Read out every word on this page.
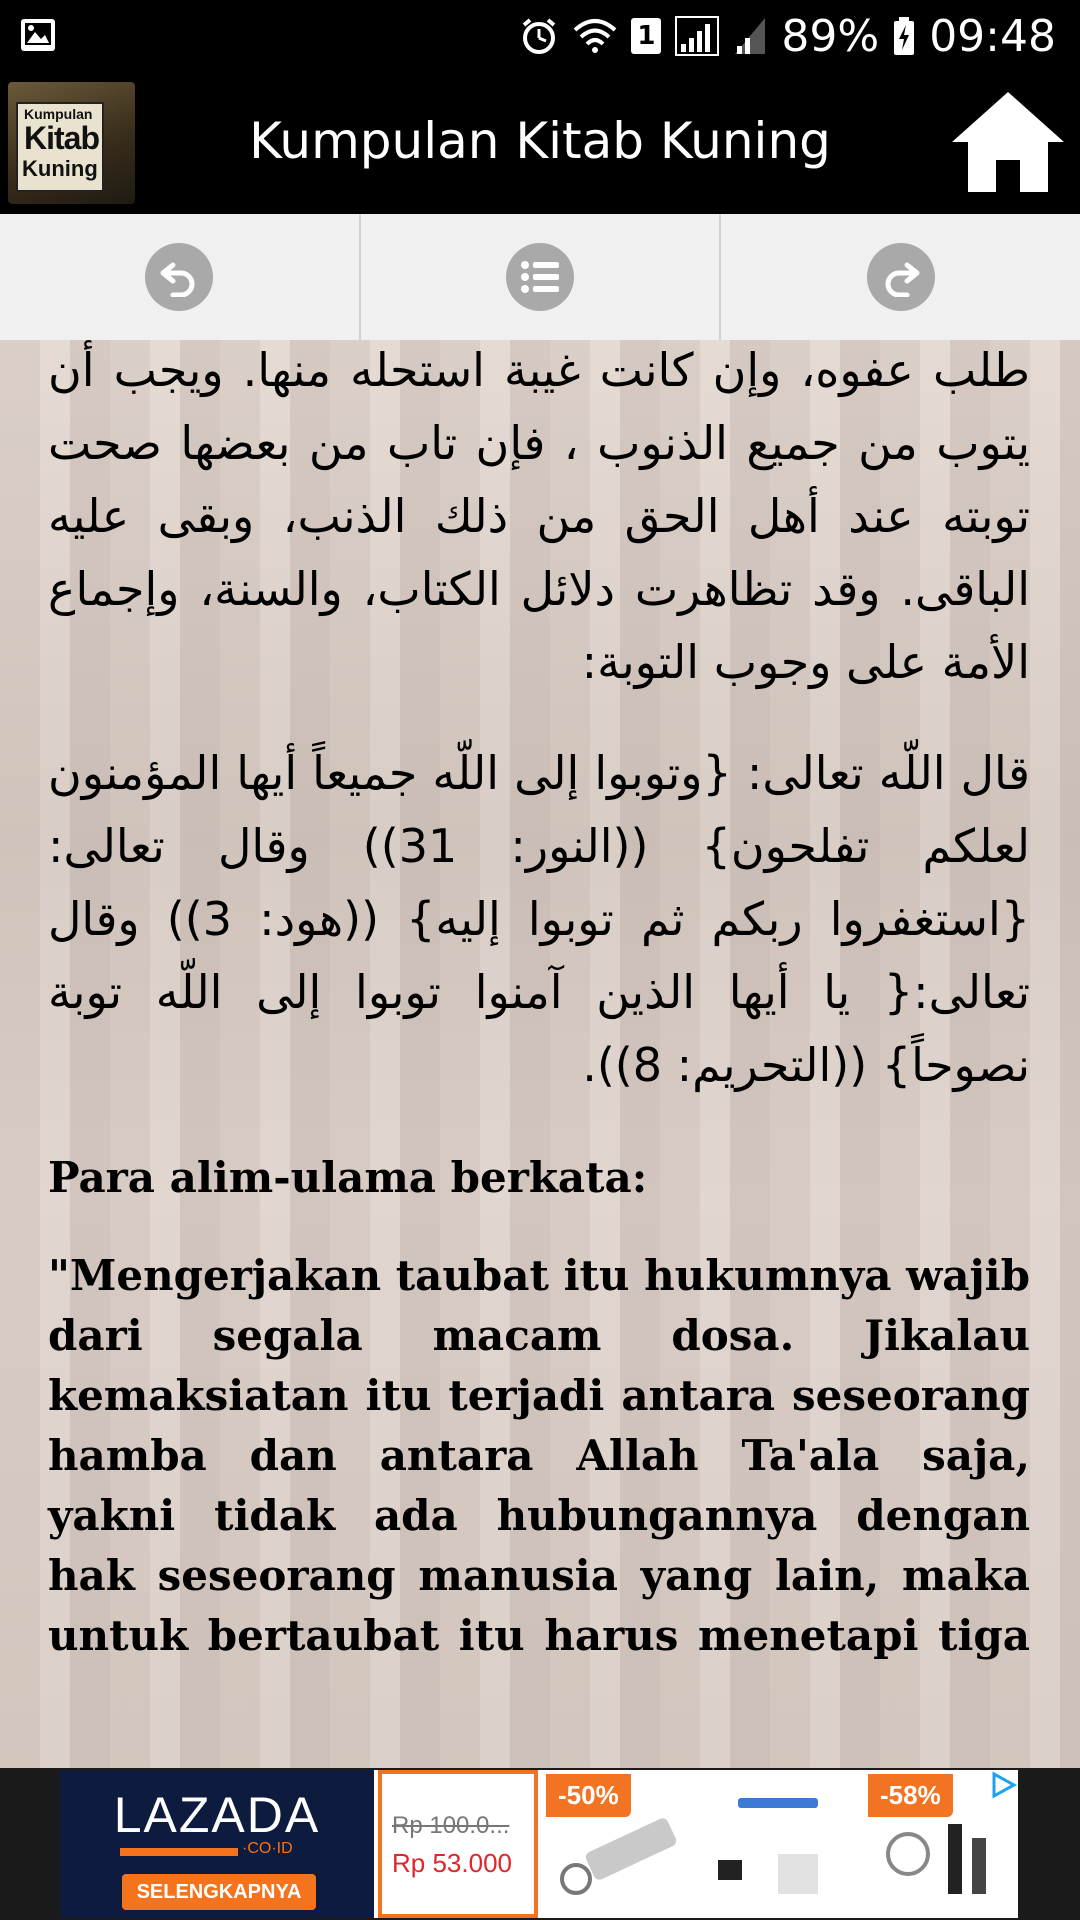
1	89% 09:48
Kumpulan
Kitab
Kuning	Kumpulan Kitab Kuning

طلب عفوه، وإن كانت غيبة استحله منها. ويجب أن يتوب من جميع الذنوب ، فإن تاب من بعضها صحت توبته عند أهل الحق من ذلك الذنب، وبقى عليه الباقى. وقد تظاهرت دلائل الكتاب، والسنة، وإجماع الأمة على وجوب التوبة:

قال اللّه تعالى: {وتوبوا إلى اللّه جميعاً أيها المؤمنون لعلكم تفلحون} ((النور: 31)) وقال تعالى: {استغفروا ربكم ثم توبوا إليه} ((هود: 3)) وقال تعالى:{ يا أيها الذين آمنوا توبوا إلى اللّه توبة نصوحاً} ((التحريم: 8)).

Para alim-ulama berkata:

"Mengerjakan taubat itu hukumnya wajib dari segala macam dosa. Jikalau kemaksiatan itu terjadi antara seseorang hamba dan antara Allah Ta'ala saja, yakni tidak ada hubungannya dengan hak seseorang manusia yang lain, maka untuk bertaubat itu harus menetapi tiga

LAZADA
·CO·ID
SELENGKAPNYA
Rp 100.0...
Rp 53.000
-50%	-58%
